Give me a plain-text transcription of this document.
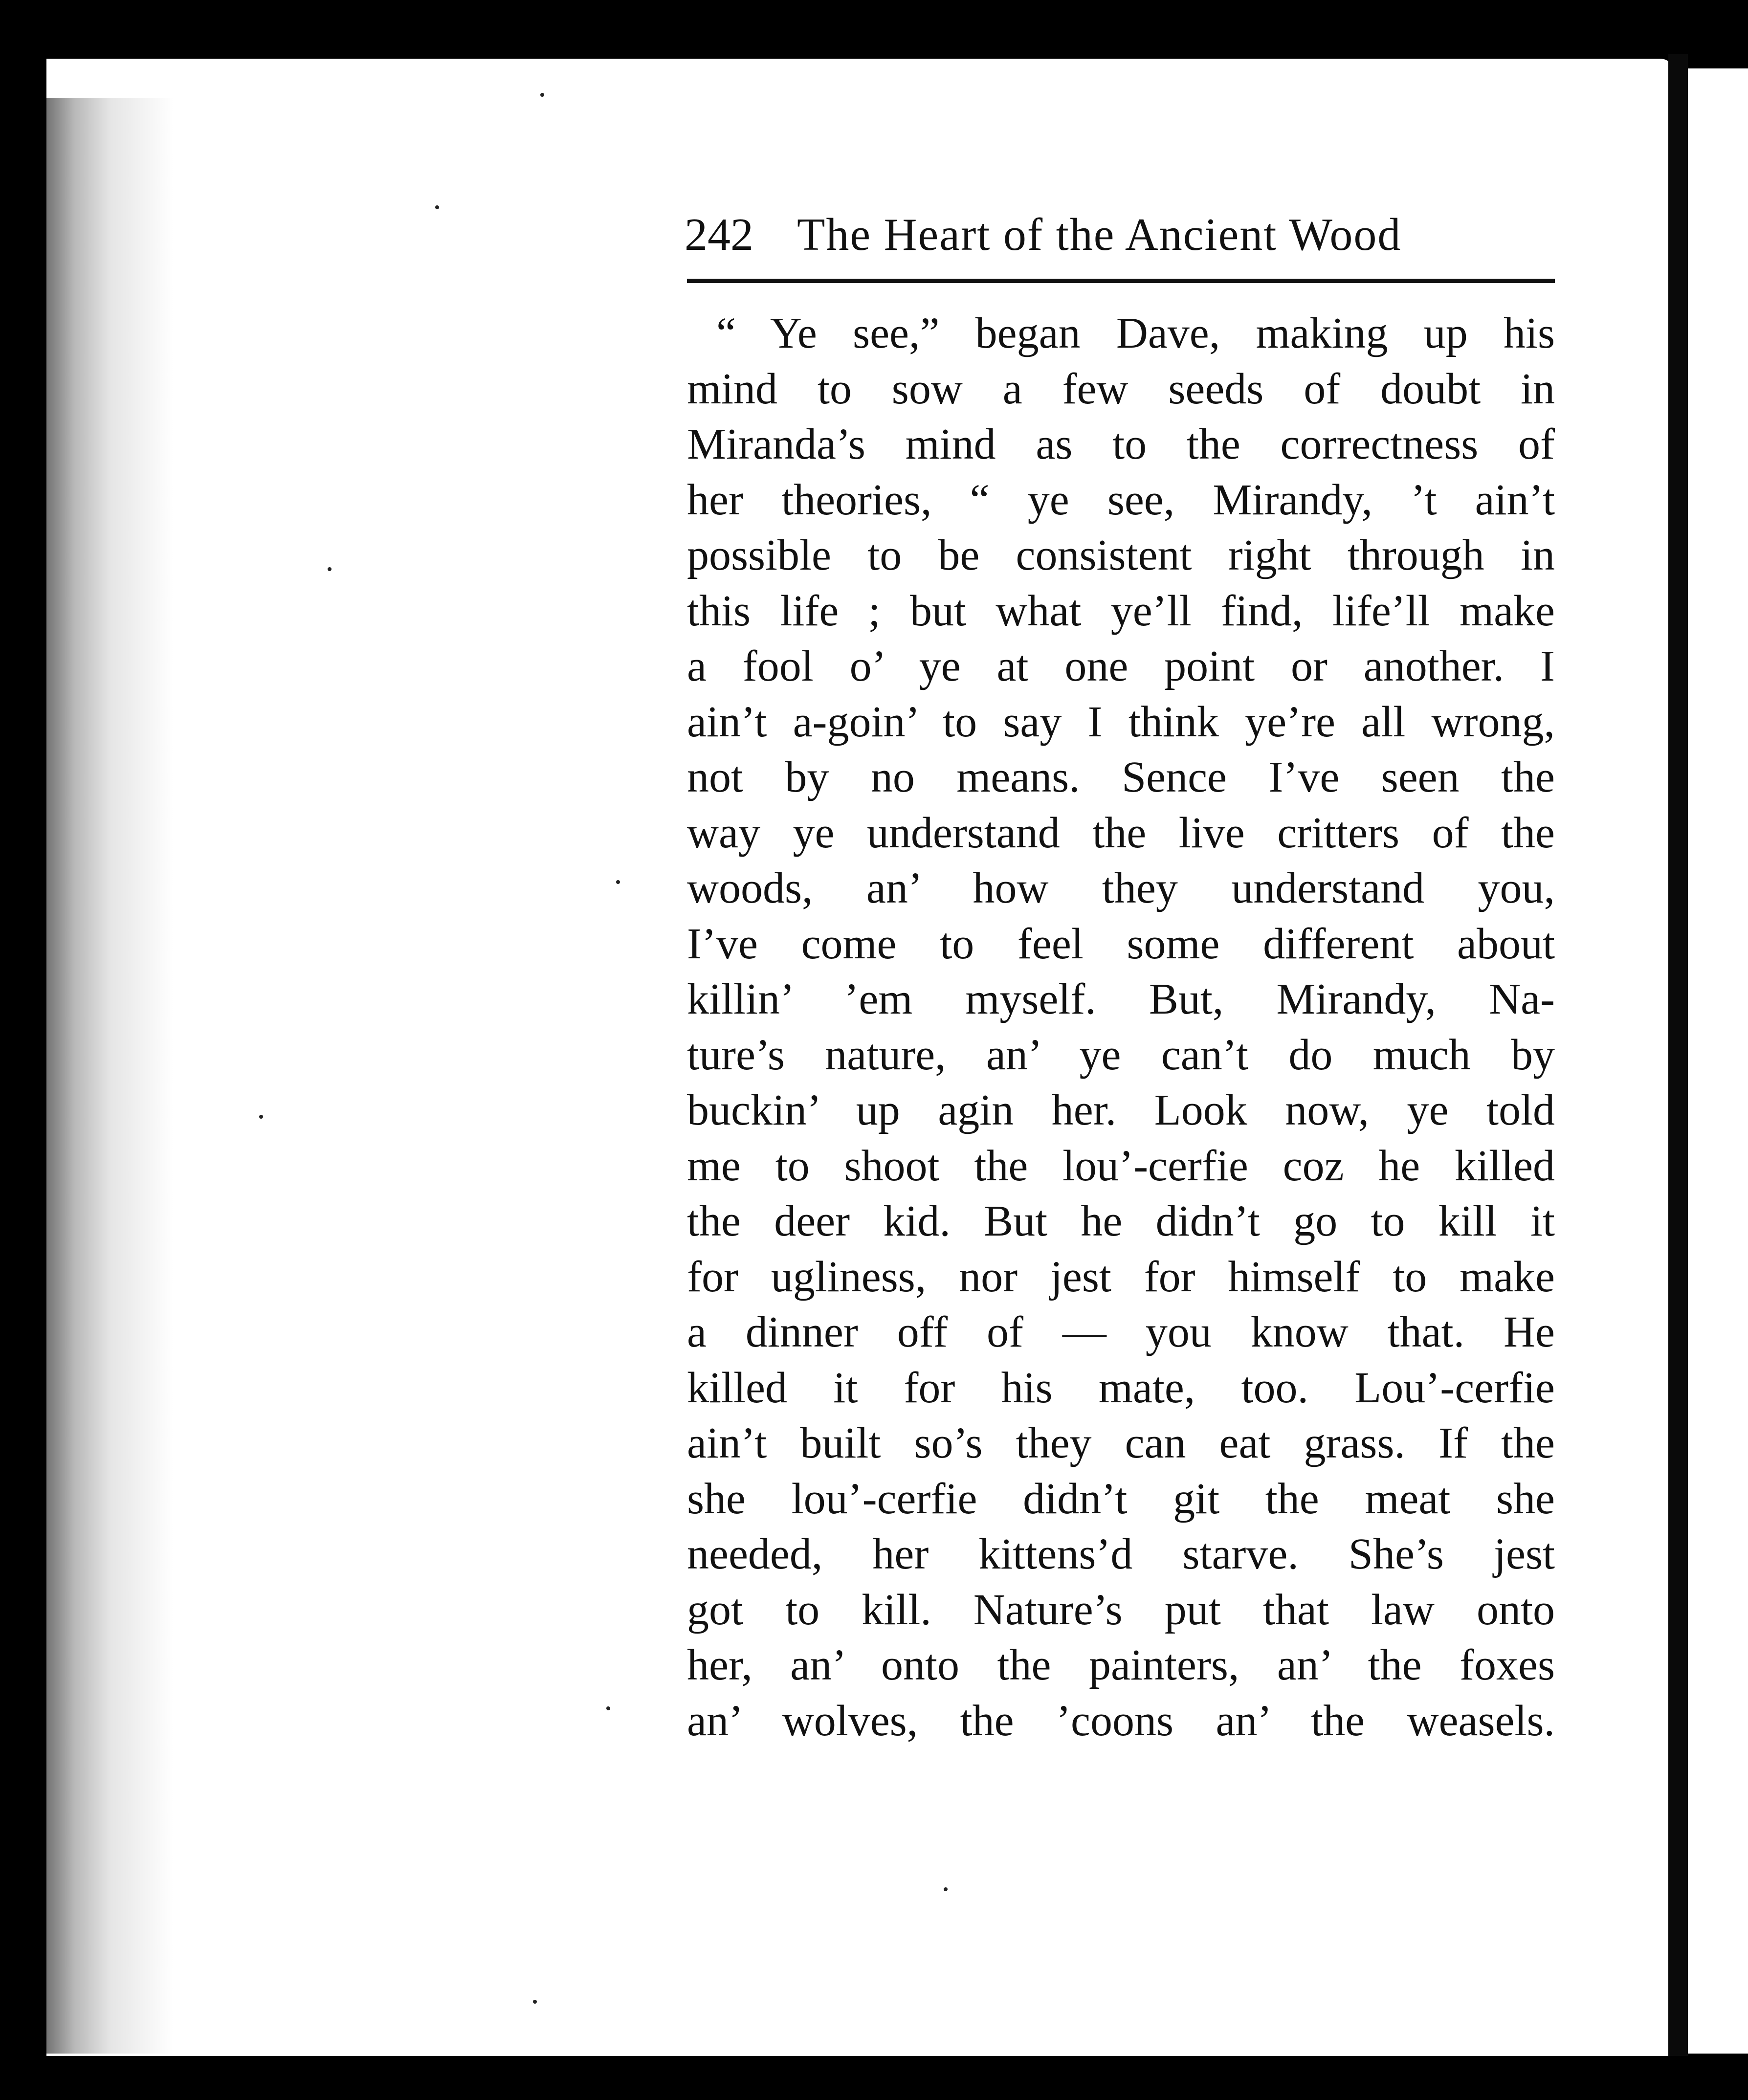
242 The Heart of the Ancient Wood
“ Ye see,” began Dave, making up his
mind to sow a few seeds of doubt in
Miranda’s mind as to the correctness of
her theories, “ ye see, Mirandy, ’t ain’t
possible to be consistent right through in
this life ; but what ye’ll find, life’ll make
a fool o’ ye at one point or another. I
ain’t a-goin’ to say I think ye’re all wrong,
not by no means. Sence I’ve seen the
way ye understand the live critters of the
woods, an’ how they understand you,
I’ve come to feel some different about
killin’ ’em myself. But, Mirandy, Na-
ture’s nature, an’ ye can’t do much by
buckin’ up agin her. Look now, ye told
me to shoot the lou’-cerfie coz he killed
the deer kid. But he didn’t go to kill it
for ugliness, nor jest for himself to make
a dinner off of — you know that. He
killed it for his mate, too. Lou’-cerfie
ain’t built so’s they can eat grass. If the
she lou’-cerfie didn’t git the meat she
needed, her kittens’d starve. She’s jest
got to kill. Nature’s put that law onto
her, an’ onto the painters, an’ the foxes
an’ wolves, the ’coons an’ the weasels.
